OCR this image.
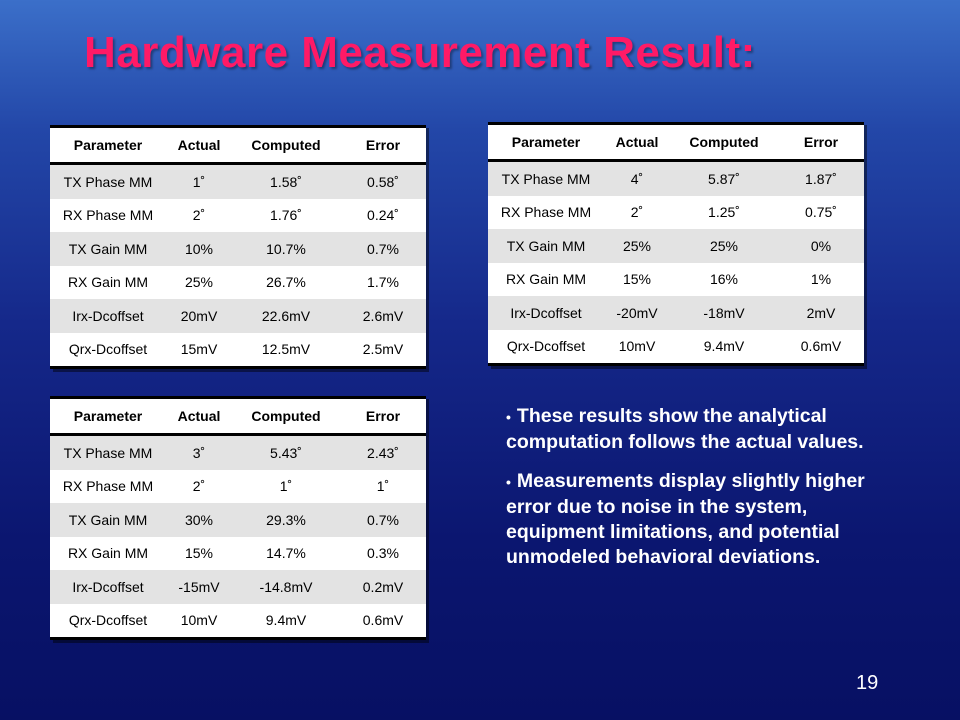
Hardware Measurement Result:
Parameter	Actual	Computed	Error
TX Phase MM	1˚	1.58˚	0.58˚
RX Phase MM	2˚	1.76˚	0.24˚
TX Gain MM	10%	10.7%	0.7%
RX Gain MM	25%	26.7%	1.7%
Irx-Dcoffset	20mV	22.6mV	2.6mV
Qrx-Dcoffset	15mV	12.5mV	2.5mV
Parameter	Actual	Computed	Error
TX Phase MM	4˚	5.87˚	1.87˚
RX Phase MM	2˚	1.25˚	0.75˚
TX Gain MM	25%	25%	0%
RX Gain MM	15%	16%	1%
Irx-Dcoffset	-20mV	-18mV	2mV
Qrx-Dcoffset	10mV	9.4mV	0.6mV
Parameter	Actual	Computed	Error
TX Phase MM	3˚	5.43˚	2.43˚
RX Phase MM	2˚	1˚	1˚
TX Gain MM	30%	29.3%	0.7%
RX Gain MM	15%	14.7%	0.3%
Irx-Dcoffset	-15mV	-14.8mV	0.2mV
Qrx-Dcoffset	10mV	9.4mV	0.6mV

• These results show the analytical computation follows the actual values.

• Measurements display slightly higher error due to noise in the system, equipment limitations, and potential unmodeled behavioral deviations.

19
